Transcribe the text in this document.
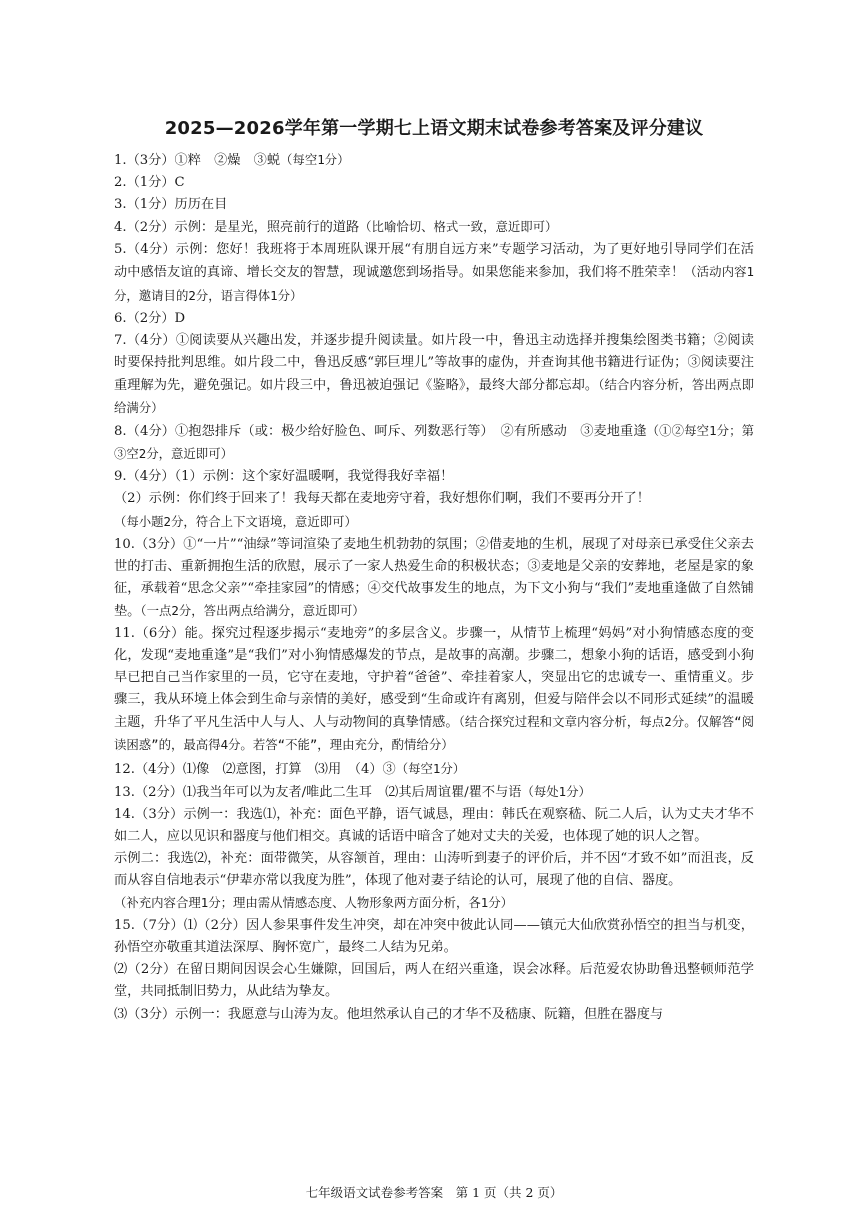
2025—2026学年第一学期七上语文期末试卷参考答案及评分建议
1.（3分）①粹　②燥　③蜕（每空1分）
2.（1分）C
3.（1分）历历在目
4.（2分）示例：是星光，照亮前行的道路（比喻恰切、格式一致，意近即可）
5.（4分）示例：您好！我班将于本周班队课开展“有朋自远方来”专题学习活动，为了更好地引导同学们在活动中感悟友谊的真谛、增长交友的智慧，现诚邀您到场指导。如果您能来参加，我们将不胜荣幸！（活动内容1分，邀请目的2分，语言得体1分）
6.（2分）D
7.（4分）①阅读要从兴趣出发，并逐步提升阅读量。如片段一中，鲁迅主动选择并搜集绘图类书籍；②阅读时要保持批判思维。如片段二中，鲁迅反感“郭巨埋儿”等故事的虚伪，并查询其他书籍进行证伪；③阅读要注重理解为先，避免强记。如片段三中，鲁迅被迫强记《鉴略》，最终大部分都忘却。（结合内容分析，答出两点即给满分）
8.（4分）①抱怨排斥（或：极少给好脸色、呵斥、列数恶行等）　②有所感动　③麦地重逢（①②每空1分；第③空2分，意近即可）
9.（4分）（1）示例：这个家好温暖啊，我觉得我好幸福！
（2）示例：你们终于回来了！我每天都在麦地旁守着，我好想你们啊，我们不要再分开了！
（每小题2分，符合上下文语境，意近即可）
10.（3分）①“一片”“油绿”等词渲染了麦地生机勃勃的氛围；②借麦地的生机，展现了对母亲已承受住父亲去世的打击、重新拥抱生活的欣慰，展示了一家人热爱生命的积极状态；③麦地是父亲的安葬地，老屋是家的象征，承载着“思念父亲”“牵挂家园”的情感；④交代故事发生的地点，为下文小狗与“我们”麦地重逢做了自然铺垫。（一点2分，答出两点给满分，意近即可）
11.（6分）能。探究过程逐步揭示“麦地旁”的多层含义。步骤一，从情节上梳理“妈妈”对小狗情感态度的变化，发现“麦地重逢”是“我们”对小狗情感爆发的节点，是故事的高潮。步骤二，想象小狗的话语，感受到小狗早已把自己当作家里的一员，它守在麦地，守护着“爸爸”、牵挂着家人，突显出它的忠诚专一、重情重义。步骤三，我从环境上体会到生命与亲情的美好，感受到“生命或许有离别，但爱与陪伴会以不同形式延续”的温暖主题，升华了平凡生活中人与人、人与动物间的真挚情感。（结合探究过程和文章内容分析，每点2分。仅解答“阅读困惑”的，最高得4分。若答“不能”，理由充分，酌情给分）
12.（4分）⑴像　⑵意图，打算　⑶用　（4）③（每空1分）
13.（2分）⑴我当年可以为友者/唯此二生耳　⑵其后周谊瞿/瞿不与语（每处1分）
14.（3分）示例一：我选⑴，补充：面色平静，语气诚恳，理由：韩氏在观察嵇、阮二人后，认为丈夫才华不如二人，应以见识和器度与他们相交。真诚的话语中暗含了她对丈夫的关爱，也体现了她的识人之智。
示例二：我选⑵，补充：面带微笑，从容颔首，理由：山涛听到妻子的评价后，并不因“才致不如”而沮丧，反而从容自信地表示“伊辈亦常以我度为胜”，体现了他对妻子结论的认可，展现了他的自信、器度。
（补充内容合理1分；理由需从情感态度、人物形象两方面分析，各1分）
15.（7分）⑴（2分）因人参果事件发生冲突，却在冲突中彼此认同——镇元大仙欣赏孙悟空的担当与机变，孙悟空亦敬重其道法深厚、胸怀宽广，最终二人结为兄弟。
⑵（2分）在留日期间因误会心生嫌隙，回国后，两人在绍兴重逢，误会冰释。后范爱农协助鲁迅整顿师范学堂，共同抵制旧势力，从此结为挚友。
⑶（3分）示例一：我愿意与山涛为友。他坦然承认自己的才华不及嵇康、阮籍，但胜在器度与
七年级语文试卷参考答案　第 1 页（共 2 页）
